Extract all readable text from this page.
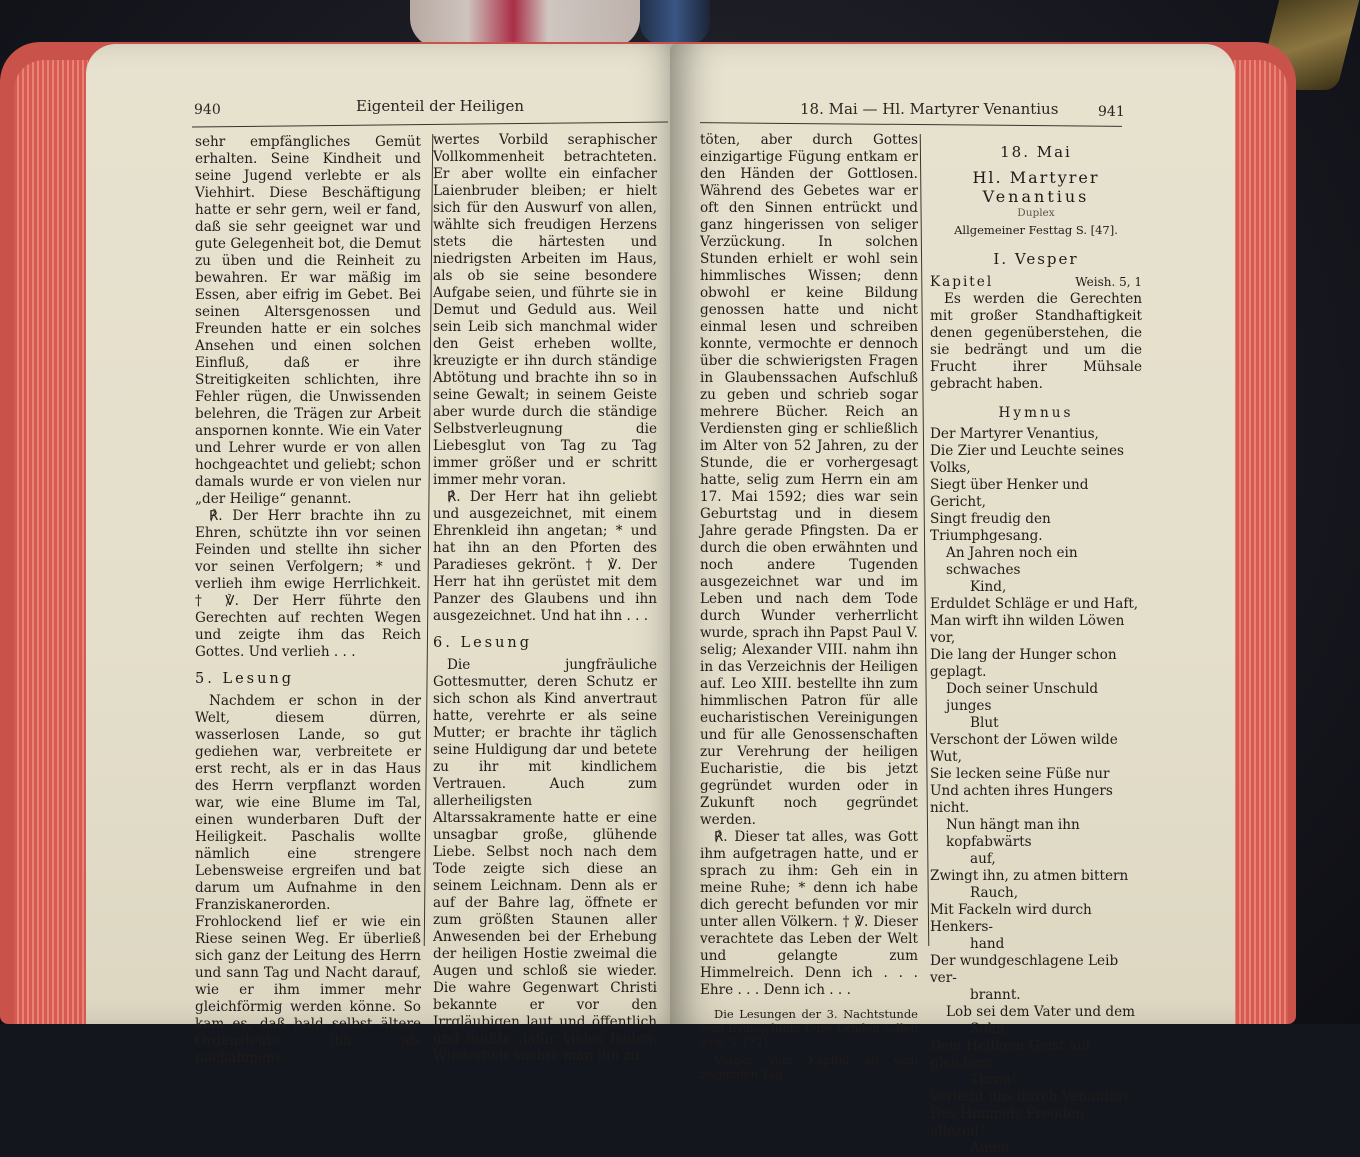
940	Eigenteil der Heiligen

sehr empfängliches Gemüt erhalten. Seine Kindheit und seine Jugend verlebte er als Viehhirt. Diese Beschäftigung hatte er sehr gern, weil er fand, daß sie sehr geeignet war und gute Gelegenheit bot, die Demut zu üben und die Reinheit zu bewahren. Er war mäßig im Essen, aber eifrig im Gebet. Bei seinen Altersgenossen und Freunden hatte er ein solches Ansehen und einen solchen Einfluß, daß er ihre Streitigkeiten schlichten, ihre Fehler rügen, die Unwissenden belehren, die Trägen zur Arbeit anspornen konnte. Wie ein Vater und Lehrer wurde er von allen hochgeachtet und geliebt; schon damals wurde er von vielen nur „der Heilige“ genannt.

℟. Der Herr brachte ihn zu Ehren, schützte ihn vor seinen Feinden und stellte ihn sicher vor seinen Verfolgern; * und verlieh ihm ewige Herrlichkeit. † ℣. Der Herr führte den Gerechten auf rechten Wegen und zeigte ihm das Reich Gottes. Und verlieh . . .

5. Lesung

Nachdem er schon in der Welt, diesem dürren, wasserlosen Lande, so gut gediehen war, verbreitete er erst recht, als er in das Haus des Herrn verpflanzt worden war, wie eine Blume im Tal, einen wunderbaren Duft der Heiligkeit. Paschalis wollte nämlich eine strengere Lebensweise ergreifen und bat darum um Aufnahme in den Franziskanerorden. Frohlockend lief er wie ein Riese seinen Weg. Er überließ sich ganz der Leitung des Herrn und sann Tag und Nacht darauf, wie er ihm immer mehr gleichförmig werden könne. So kam es, daß bald selbst ältere Ordensleute ihn als nachahmens-

wertes Vorbild seraphischer Vollkommenheit betrachteten. Er aber wollte ein einfacher Laienbruder bleiben; er hielt sich für den Auswurf von allen, wählte sich freudigen Herzens stets die härtesten und niedrigsten Arbeiten im Haus, als ob sie seine besondere Aufgabe seien, und führte sie in Demut und Geduld aus. Weil sein Leib sich manchmal wider den Geist erheben wollte, kreuzigte er ihn durch ständige Abtötung und brachte ihn so in seine Gewalt; in seinem Geiste aber wurde durch die ständige Selbstverleugnung die Liebesglut von Tag zu Tag immer größer und er schritt immer mehr voran.

℟. Der Herr hat ihn geliebt und ausgezeichnet, mit einem Ehrenkleid ihn angetan; * und hat ihn an den Pforten des Paradieses gekrönt. † ℣. Der Herr hat ihn gerüstet mit dem Panzer des Glaubens und ihn ausgezeichnet. Und hat ihn . . .

6. Lesung

Die jungfräuliche Gottesmutter, deren Schutz er sich schon als Kind anvertraut hatte, verehrte er als seine Mutter; er brachte ihr täglich seine Huldigung dar und betete zu ihr mit kindlichem Vertrauen. Auch zum allerheiligsten Altarssakramente hatte er eine unsagbar große, glühende Liebe. Selbst noch nach dem Tode zeigte sich diese an seinem Leichnam. Denn als er auf der Bahre lag, öffnete er zum größten Staunen aller Anwesenden bei der Erhebung der heiligen Hostie zweimal die Augen und schloß sie wieder. Die wahre Gegenwart Christi bekannte er vor den Irrgläubigen laut und öffentlich und mußte dafür vieles leiden. Wiederholt suchte man ihn zu

18. Mai — Hl. Martyrer Venantius	941

töten, aber durch Gottes einzigartige Fügung entkam er den Händen der Gottlosen. Während des Gebetes war er oft den Sinnen entrückt und ganz hingerissen von seliger Verzückung. In solchen Stunden erhielt er wohl sein himmlisches Wissen; denn obwohl er keine Bildung genossen hatte und nicht einmal lesen und schreiben konnte, vermochte er dennoch über die schwierigsten Fragen in Glaubenssachen Aufschluß zu geben und schrieb sogar mehrere Bücher. Reich an Verdiensten ging er schließlich im Alter von 52 Jahren, zu der Stunde, die er vorhergesagt hatte, selig zum Herrn ein am 17. Mai 1592; dies war sein Geburtstag und in diesem Jahre gerade Pfingsten. Da er durch die oben erwähnten und noch andere Tugenden ausgezeichnet war und im Leben und nach dem Tode durch Wunder verherrlicht wurde, sprach ihn Papst Paul V. selig; Alexander VIII. nahm ihn in das Verzeichnis der Heiligen auf. Leo XIII. bestellte ihn zum himmlischen Patron für alle eucharistischen Vereinigungen und für alle Genossenschaften zur Verehrung der heiligen Eucharistie, die bis jetzt gegründet wurden oder in Zukunft noch gegründet werden.

℟. Dieser tat alles, was Gott ihm aufgetragen hatte, und er sprach zu ihm: Geh ein in meine Ruhe; * denn ich habe dich gerecht befunden vor mir unter allen Völkern. † ℣. Dieser verachtete das Leben der Welt und gelangte zum Himmelreich. Denn ich . . . Ehre . . . Denn ich . . .

Die Lesungen der 3. Nachtstunde vom Evangelium: Eure Lenden sollen usw. S. [72].

Vesper vom Kapitel ab vom folgenden Tag.

18. Mai

Hl. Martyrer

Venantius

Duplex

Allgemeiner Festtag S. [47].

I. Vesper

Kapitel	Weish. 5, 1

Es werden die Gerechten mit großer Standhaftigkeit denen gegenüberstehen, die sie bedrängt und um die Frucht ihrer Mühsale gebracht haben.

Hymnus

Der Martyrer Venantius,
Die Zier und Leuchte seines Volks,
Siegt über Henker und Gericht,
Singt freudig den Triumphgesang.
An Jahren noch ein schwaches
Kind,
Erduldet Schläge er und Haft,
Man wirft ihn wilden Löwen vor,
Die lang der Hunger schon geplagt.
Doch seiner Unschuld junges
Blut
Verschont der Löwen wilde Wut,
Sie lecken seine Füße nur
Und achten ihres Hungers nicht.
Nun hängt man ihn kopfabwärts
auf,
Zwingt ihn, zu atmen bittern
Rauch,
Mit Fackeln wird durch Henkers-
hand
Der wundgeschlagene Leib ver-
brannt.
Lob sei dem Vater und dem
Sohn,
Dem Heiligen Geist auf gleichem
Thron!
Verleiht uns durch Venantius
Des Himmels Freuden allezeit!
Amen.
